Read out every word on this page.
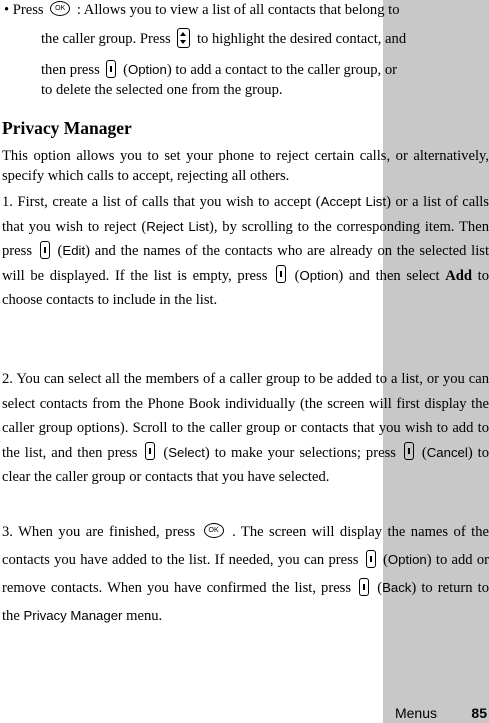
• Press OK : Allows you to view a list of all contacts that belong to
the caller group. Press to highlight the desired contact, and
then press (Option) to add a contact to the caller group, or
to delete the selected one from the group.
Privacy Manager
This option allows you to set your phone to reject certain calls, or alternatively, specify which calls to accept, rejecting all others.
1. First, create a list of calls that you wish to accept (Accept List) or a list of calls that you wish to reject (Reject List), by scrolling to the corresponding item. Then press (Edit) and the names of the contacts who are already on the selected list will be displayed. If the list is empty, press (Option) and then select Add to choose contacts to include in the list.
2. You can select all the members of a caller group to be added to a list, or you can select contacts from the Phone Book individually (the screen will first display the caller group options). Scroll to the caller group or contacts that you wish to add to the list, and then press (Select) to make your selections; press (Cancel) to clear the caller group or contacts that you have selected.
3. When you are finished, press OK . The screen will display the names of the contacts you have added to the list. If needed, you can press (Option) to add or remove contacts. When you have confirmed the list, press (Back) to return to the Privacy Manager menu.
Menus 85
